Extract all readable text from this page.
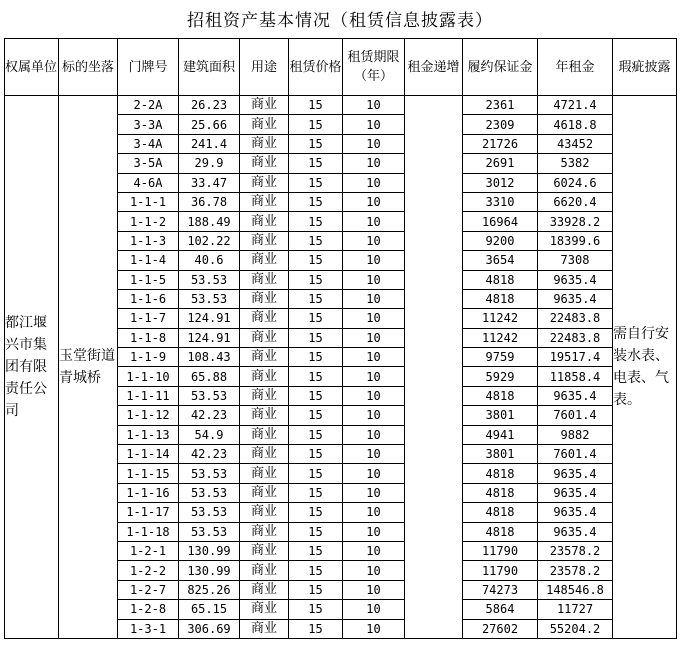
招租资产基本情况（租赁信息披露表）
权属单位	标的坐落	门牌号	建筑面积	用途	租赁价格	租赁期限（年）	租金递增	履约保证金	年租金	瑕疵披露
都江堰兴市集团有限责任公司	玉堂街道青城桥	2-2A	26.23	商业	15	10		2361	4721.4	需自行安装水表、电表、气表。
		3-3A	25.66	商业	15	10		2309	4618.8	
		3-4A	241.4	商业	15	10		21726	43452	
		3-5A	29.9	商业	15	10		2691	5382	
		4-6A	33.47	商业	15	10		3012	6024.6	
		1-1-1	36.78	商业	15	10		3310	6620.4	
		1-1-2	188.49	商业	15	10		16964	33928.2	
		1-1-3	102.22	商业	15	10		9200	18399.6	
		1-1-4	40.6	商业	15	10		3654	7308	
		1-1-5	53.53	商业	15	10		4818	9635.4	
		1-1-6	53.53	商业	15	10		4818	9635.4	
		1-1-7	124.91	商业	15	10		11242	22483.8	
		1-1-8	124.91	商业	15	10		11242	22483.8	
		1-1-9	108.43	商业	15	10		9759	19517.4	
		1-1-10	65.88	商业	15	10		5929	11858.4	
		1-1-11	53.53	商业	15	10		4818	9635.4	
		1-1-12	42.23	商业	15	10		3801	7601.4	
		1-1-13	54.9	商业	15	10		4941	9882	
		1-1-14	42.23	商业	15	10		3801	7601.4	
		1-1-15	53.53	商业	15	10		4818	9635.4	
		1-1-16	53.53	商业	15	10		4818	9635.4	
		1-1-17	53.53	商业	15	10		4818	9635.4	
		1-1-18	53.53	商业	15	10		4818	9635.4	
		1-2-1	130.99	商业	15	10		11790	23578.2	
		1-2-2	130.99	商业	15	10		11790	23578.2	
		1-2-7	825.26	商业	15	10		74273	148546.8	
		1-2-8	65.15	商业	15	10		5864	11727	
		1-3-1	306.69	商业	15	10		27602	55204.2	
